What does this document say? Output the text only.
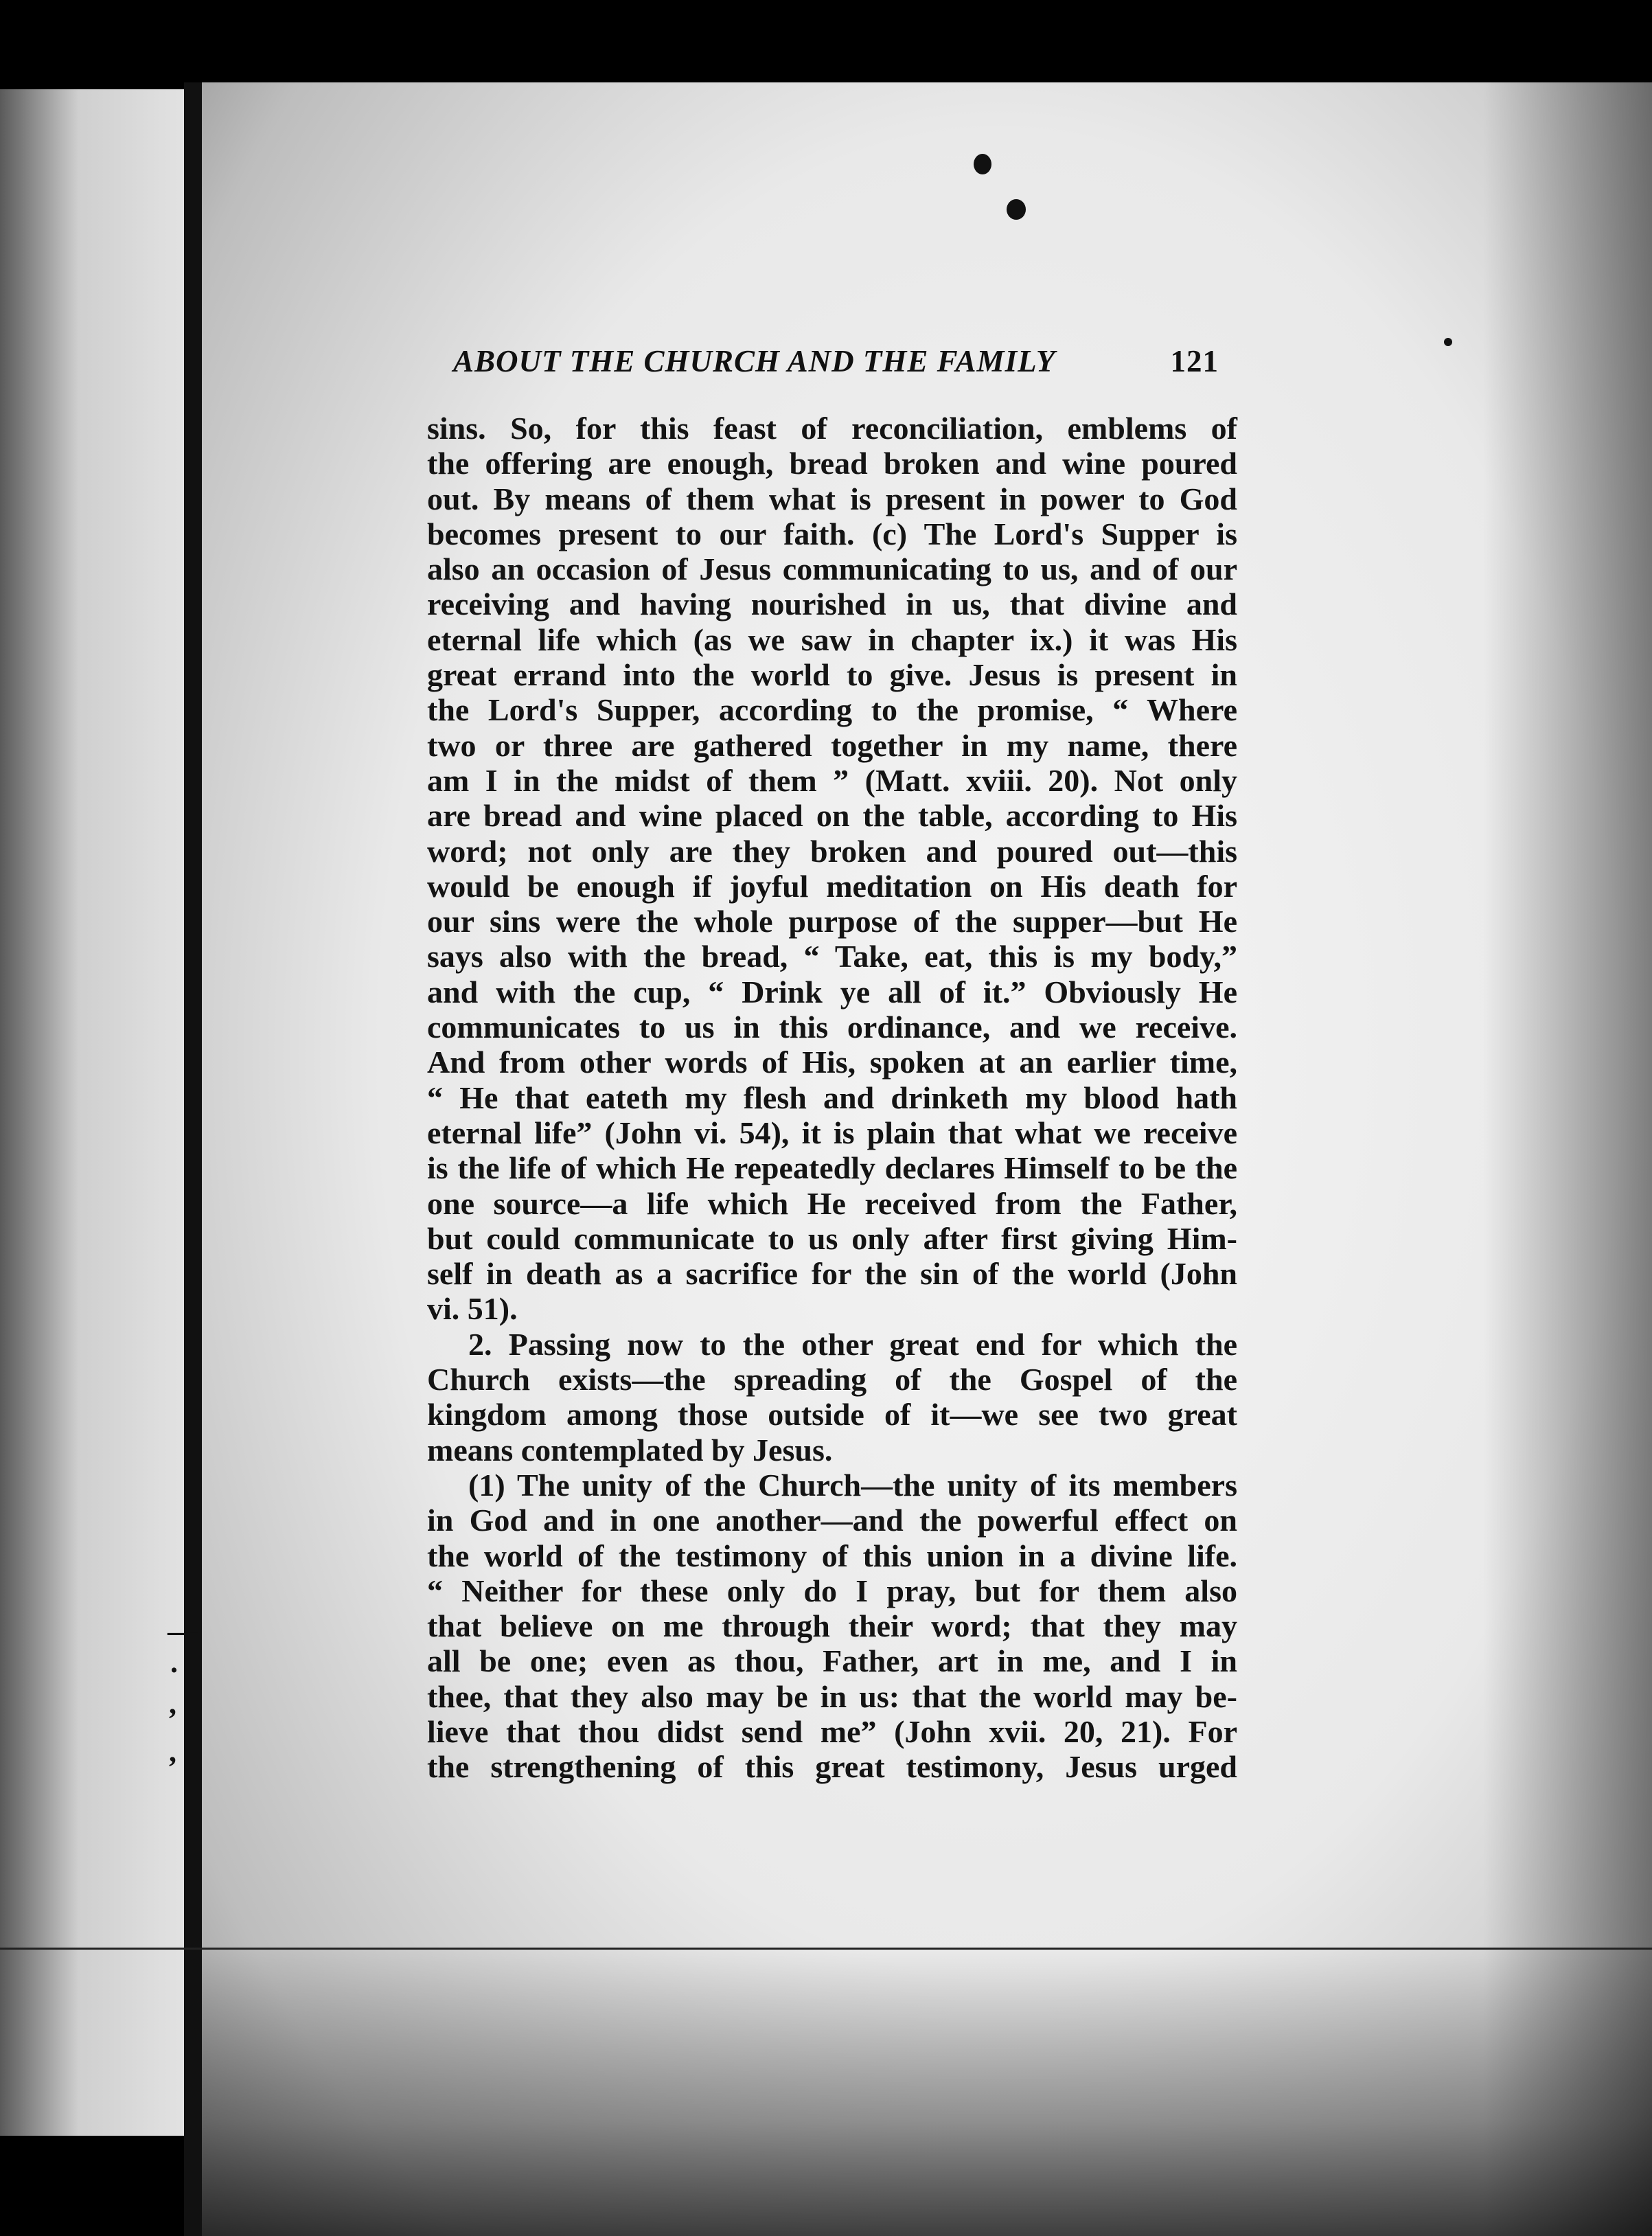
,
,
—
.
ABOUT THE CHURCH AND THE FAMILY	121
sins. So, for this feast of reconciliation, emblems of
the offering are enough, bread broken and wine poured
out. By means of them what is present in power to God
becomes present to our faith. (c) The Lord's Supper is
also an occasion of Jesus communicating to us, and of our
receiving and having nourished in us, that divine and
eternal life which (as we saw in chapter ix.) it was His
great errand into the world to give. Jesus is present in
the Lord's Supper, according to the promise, “ Where
two or three are gathered together in my name, there
am I in the midst of them ” (Matt. xviii. 20). Not only
are bread and wine placed on the table, according to His
word; not only are they broken and poured out—this
would be enough if joyful meditation on His death for
our sins were the whole purpose of the supper—but He
says also with the bread, “ Take, eat, this is my body,”
and with the cup, “ Drink ye all of it.” Obviously He
communicates to us in this ordinance, and we receive.
And from other words of His, spoken at an earlier time,
“ He that eateth my flesh and drinketh my blood hath
eternal life” (John vi. 54), it is plain that what we receive
is the life of which He repeatedly declares Himself to be the
one source—a life which He received from the Father,
but could communicate to us only after first giving Him-
self in death as a sacrifice for the sin of the world (John
vi. 51).
2. Passing now to the other great end for which the
Church exists—the spreading of the Gospel of the
kingdom among those outside of it—we see two great
means contemplated by Jesus.
(1) The unity of the Church—the unity of its members
in God and in one another—and the powerful effect on
the world of the testimony of this union in a divine life.
“ Neither for these only do I pray, but for them also
that believe on me through their word; that they may
all be one; even as thou, Father, art in me, and I in
thee, that they also may be in us: that the world may be-
lieve that thou didst send me” (John xvii. 20, 21). For
the strengthening of this great testimony, Jesus urged
